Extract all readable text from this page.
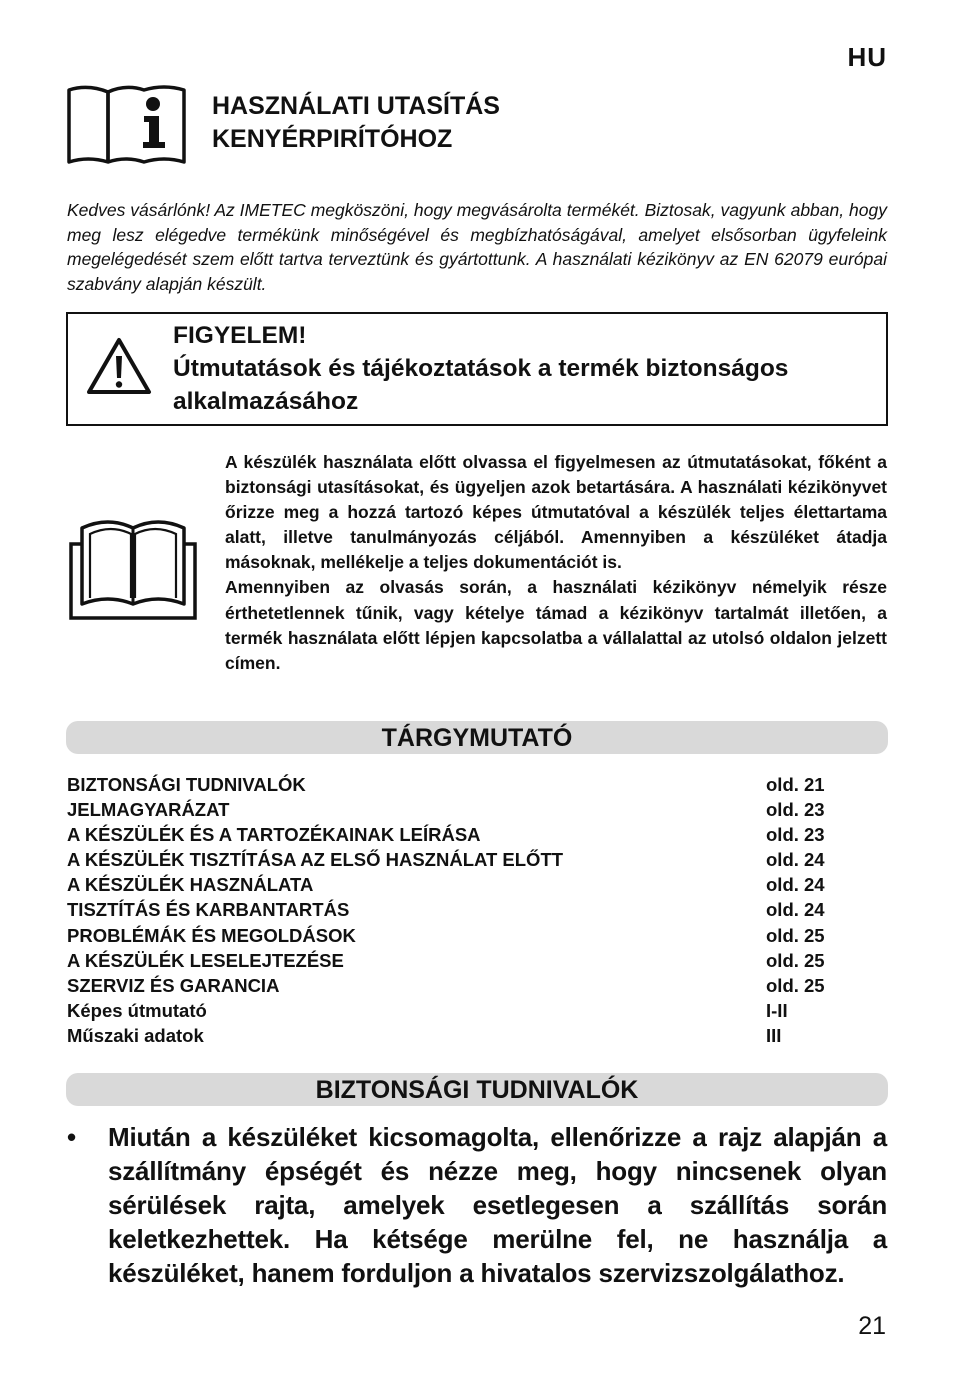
HU
HASZNÁLATI UTASÍTÁS
KENYÉRPIRÍTÓHOZ
Kedves vásárlónk! Az IMETEC megköszöni, hogy megvásárolta termékét. Biztosak, vagyunk abban, hogy meg lesz elégedve termékünk minőségével és megbízhatóságával, amelyet elsősorban ügyfeleink megelégedését szem előtt tartva terveztünk és gyártottunk. A használati kézikönyv az EN 62079 európai szabvány alapján készült.
FIGYELEM!
Útmutatások és tájékoztatások a termék biztonságos
alkalmazásához

A készülék használata előtt olvassa el figyelmesen az útmutatásokat, főként a biztonsági utasításokat, és ügyeljen azok betartására. A használati kézikönyvet őrizze meg a hozzá tartozó képes útmutatóval a készülék teljes élettartama alatt, illetve tanulmányozás céljából. Amennyiben a készüléket átadja másoknak, mellékelje a teljes dokumentációt is.

Amennyiben az olvasás során, a használati kézikönyv némelyik része érthetetlennek tűnik, vagy kételye támad a kézikönyv tartalmát illetően, a termék használata előtt lépjen kapcsolatba a vállalattal az utolsó oldalon jelzett címen.

TÁRGYMUTATÓ
BIZTONSÁGI TUDNIVALÓK	old. 21
JELMAGYARÁZAT	old. 23
A KÉSZÜLÉK ÉS A TARTOZÉKAINAK LEÍRÁSA	old. 23
A KÉSZÜLÉK TISZTÍTÁSA AZ ELSŐ HASZNÁLAT ELŐTT	old. 24
A KÉSZÜLÉK HASZNÁLATA	old. 24
TISZTÍTÁS ÉS KARBANTARTÁS	old. 24
PROBLÉMÁK ÉS MEGOLDÁSOK	old. 25
A KÉSZÜLÉK LESELEJTEZÉSE	old. 25
SZERVIZ ÉS GARANCIA	old. 25
Képes útmutató	I-II
Műszaki adatok	III
BIZTONSÁGI TUDNIVALÓK
• Miután a készüléket kicsomagolta, ellenőrizze a rajz alapján a szállítmány épségét és nézze meg, hogy nincsenek olyan sérülések rajta, amelyek esetlegesen a szállítás során keletkezhettek. Ha kétsége merülne fel, ne használja a készüléket, hanem forduljon a hivatalos szervizszolgálathoz.
21
